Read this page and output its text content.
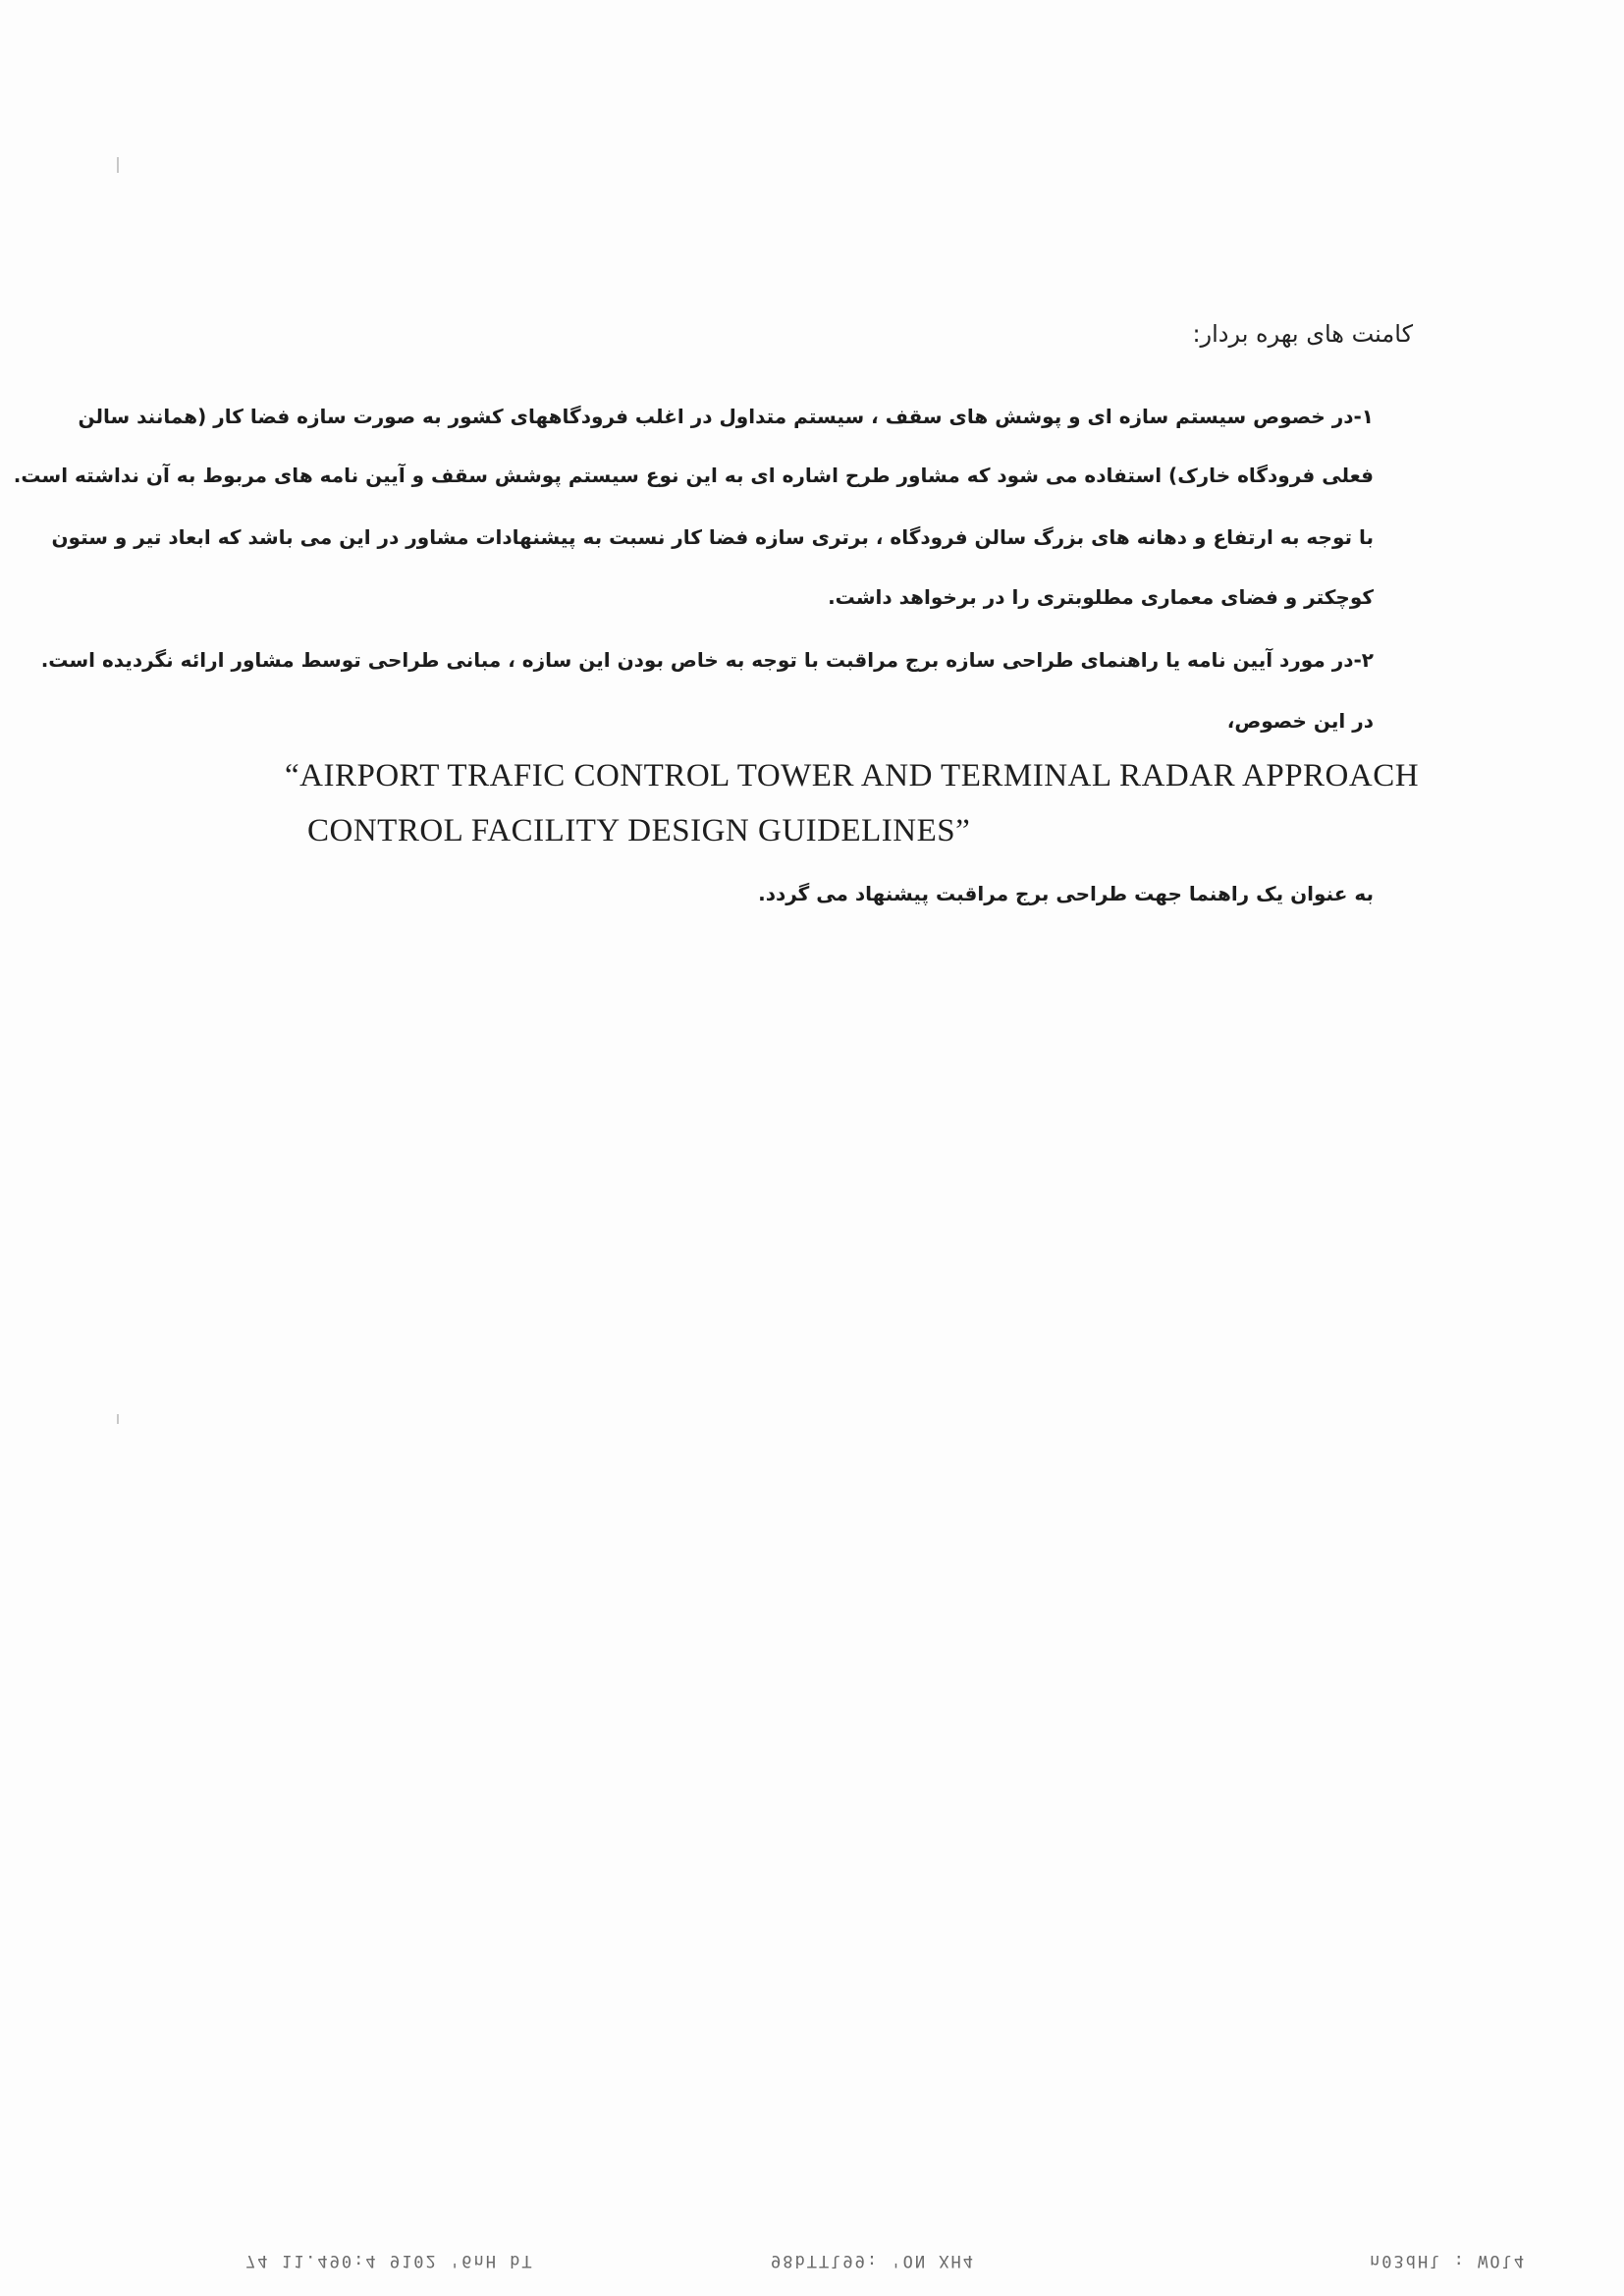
کامنت های بهره بردار:
۱-در خصوص سیستم سازه ای و پوشش های سقف ، سیستم متداول در اغلب فرودگاههای کشور به صورت سازه فضا کار (همانند سالن
فعلی فرودگاه خارک) استفاده می شود که مشاور طرح اشاره ای به این نوع سیستم پوشش سقف و آیین نامه های مربوط به آن نداشته است.
با توجه به ارتفاع و دهانه های بزرگ سالن فرودگاه ، برتری سازه فضا کار نسبت به پیشنهادات مشاور در این می باشد که ابعاد تیر و ستون
کوچکتر و فضای معماری مطلوبتری را در برخواهد داشت.
۲-در مورد آیین نامه یا راهنمای طراحی سازه برج مراقبت با توجه به خاص بودن این سازه ، مبانی طراحی توسط مشاور ارائه نگردیده است.
در این خصوص،
“AIRPORT TRAFIC CONTROL TOWER AND TERMINAL RADAR APPROACH
CONTROL FACILITY DESIGN GUIDELINES”
به عنوان یک راهنما جهت طراحی برج مراقبت پیشنهاد می گردد.
74 11.490:4 9102 '6nH bT	98bTTl99: 'ON XH4	n03dHl : WOl4
